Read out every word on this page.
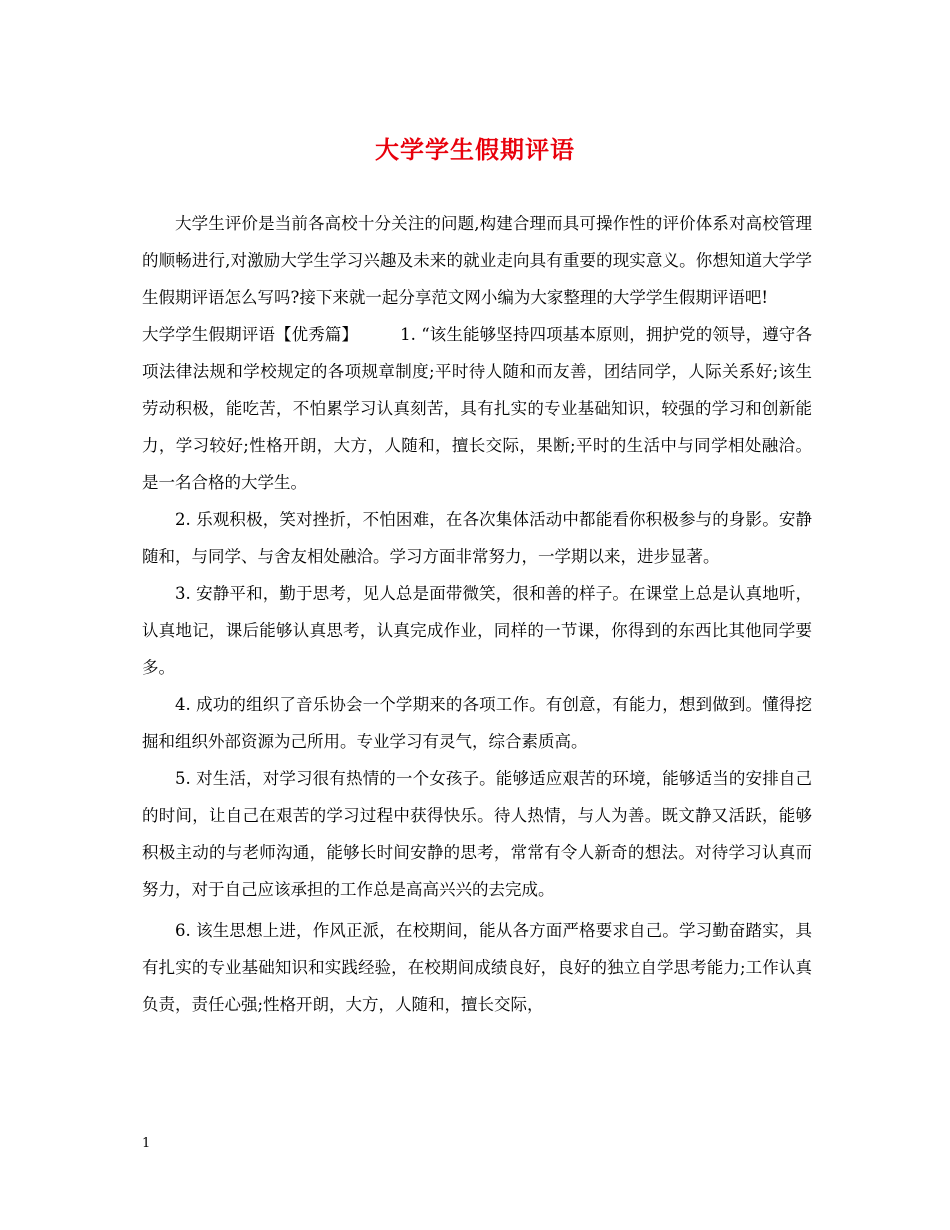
大学学生假期评语

大学生评价是当前各高校十分关注的问题,构建合理而具可操作性的评价体系对高校管理的顺畅进行,对激励大学生学习兴趣及未来的就业走向具有重要的现实意义。你想知道大学学生假期评语怎么写吗?接下来就一起分享范文网小编为大家整理的大学学生假期评语吧!

大学学生假期评语【优秀篇】	1. “该生能够坚持四项基本原则，拥护党的领导，遵守各项法律法规和学校规定的各项规章制度;平时待人随和而友善，团结同学，人际关系好;该生劳动积极，能吃苦，不怕累学习认真刻苦，具有扎实的专业基础知识，较强的学习和创新能力，学习较好;性格开朗，大方，人随和，擅长交际，果断;平时的生活中与同学相处融洽。是一名合格的大学生。

2. 乐观积极，笑对挫折，不怕困难，在各次集体活动中都能看你积极参与的身影。安静随和，与同学、与舍友相处融洽。学习方面非常努力，一学期以来，进步显著。

3. 安静平和，勤于思考，见人总是面带微笑，很和善的样子。在课堂上总是认真地听，认真地记，课后能够认真思考，认真完成作业，同样的一节课，你得到的东西比其他同学要多。

4. 成功的组织了音乐协会一个学期来的各项工作。有创意，有能力，想到做到。懂得挖掘和组织外部资源为己所用。专业学习有灵气，综合素质高。

5. 对生活，对学习很有热情的一个女孩子。能够适应艰苦的环境，能够适当的安排自己的时间，让自己在艰苦的学习过程中获得快乐。待人热情，与人为善。既文静又活跃，能够积极主动的与老师沟通，能够长时间安静的思考，常常有令人新奇的想法。对待学习认真而努力，对于自己应该承担的工作总是高高兴兴的去完成。

6. 该生思想上进，作风正派，在校期间，能从各方面严格要求自己。学习勤奋踏实，具有扎实的专业基础知识和实践经验，在校期间成绩良好，良好的独立自学思考能力;工作认真负责，责任心强;性格开朗，大方，人随和，擅长交际，

1
